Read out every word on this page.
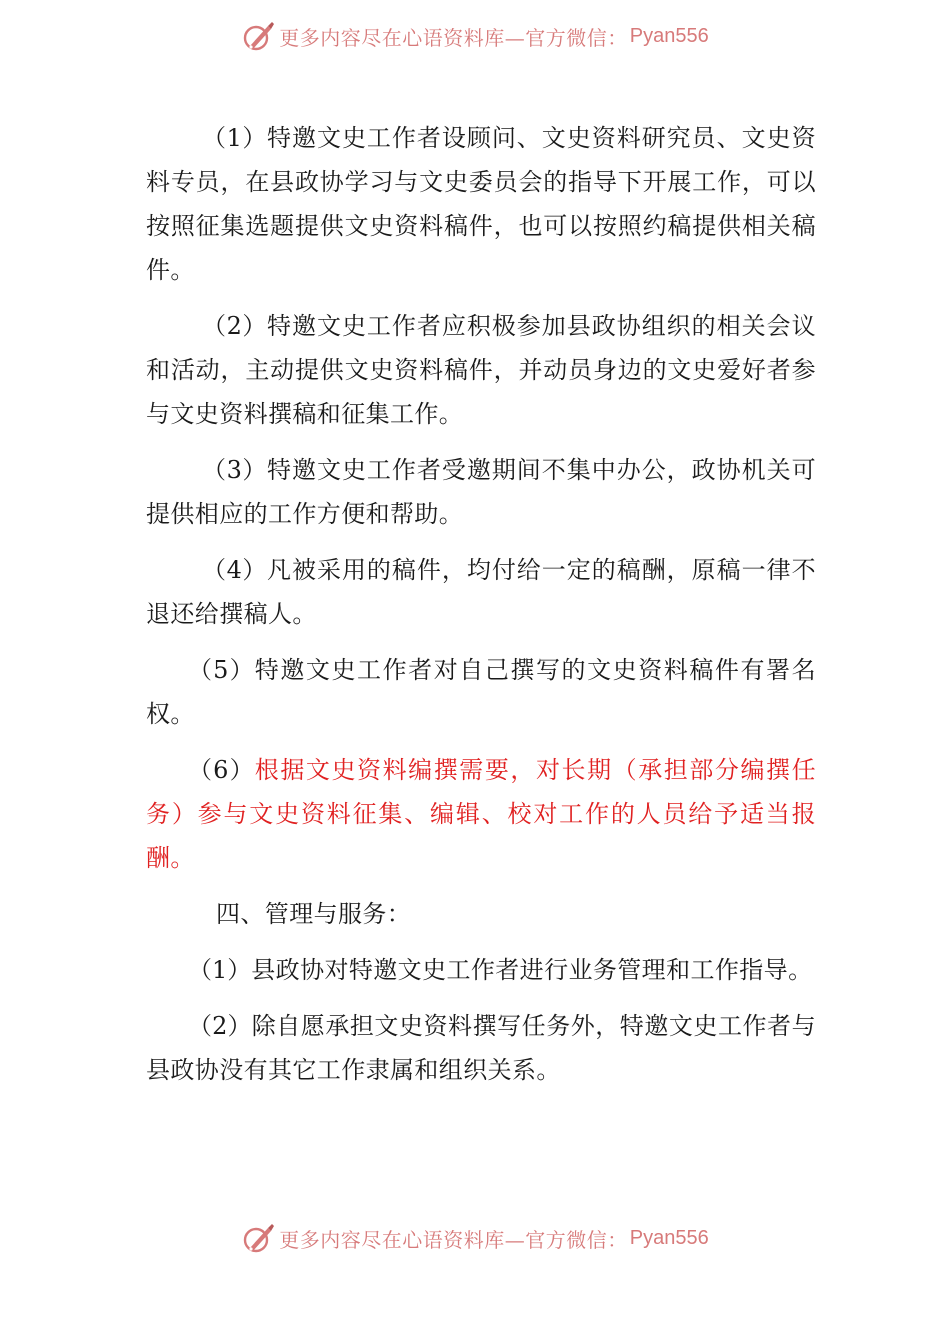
更多内容尽在心语资料库—官方微信： Pyan556

（1）特邀文史工作者设顾问、文史资料研究员、文史资料专员，在县政协学习与文史委员会的指导下开展工作，可以按照征集选题提供文史资料稿件，也可以按照约稿提供相关稿件。

（2）特邀文史工作者应积极参加县政协组织的相关会议和活动，主动提供文史资料稿件，并动员身边的文史爱好者参与文史资料撰稿和征集工作。

（3）特邀文史工作者受邀期间不集中办公，政协机关可提供相应的工作方便和帮助。

（4）凡被采用的稿件，均付给一定的稿酬，原稿一律不退还给撰稿人。

（5）特邀文史工作者对自己撰写的文史资料稿件有署名权。

（6）根据文史资料编撰需要，对长期（承担部分编撰任务）参与文史资料征集、编辑、校对工作的人员给予适当报酬。

四、管理与服务：

（1）县政协对特邀文史工作者进行业务管理和工作指导。

（2）除自愿承担文史资料撰写任务外，特邀文史工作者与县政协没有其它工作隶属和组织关系。

更多内容尽在心语资料库—官方微信： Pyan556
